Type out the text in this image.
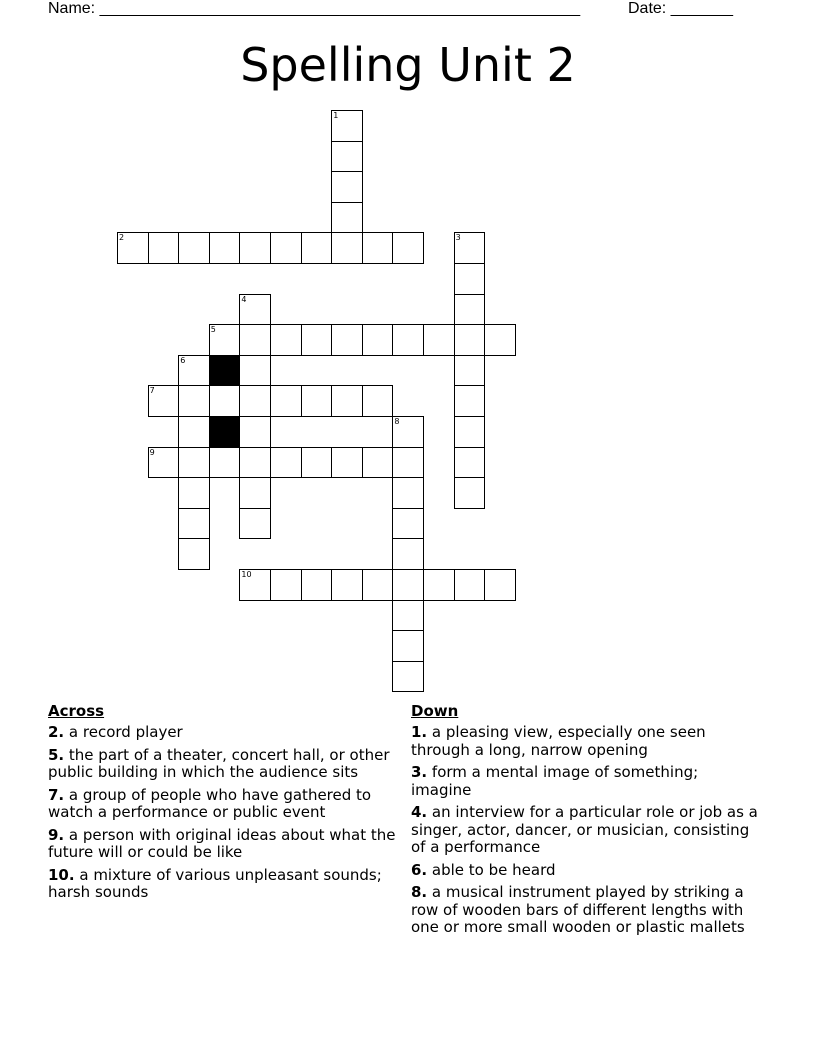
Name: ______________________________________________________	Date: _______
Spelling Unit 2
1
2	3
4
5
6
7
8
9
10
Across
2. a record player
5. the part of a theater, concert hall, or other public building in which the audience sits
7. a group of people who have gathered to watch a performance or public event
9. a person with original ideas about what the future will or could be like
10. a mixture of various unpleasant sounds; harsh sounds
Down
1. a pleasing view, especially one seen through a long, narrow opening
3. form a mental image of something; imagine
4. an interview for a particular role or job as a singer, actor, dancer, or musician, consisting of a performance
6. able to be heard
8. a musical instrument played by striking a row of wooden bars of different lengths with one or more small wooden or plastic mallets
